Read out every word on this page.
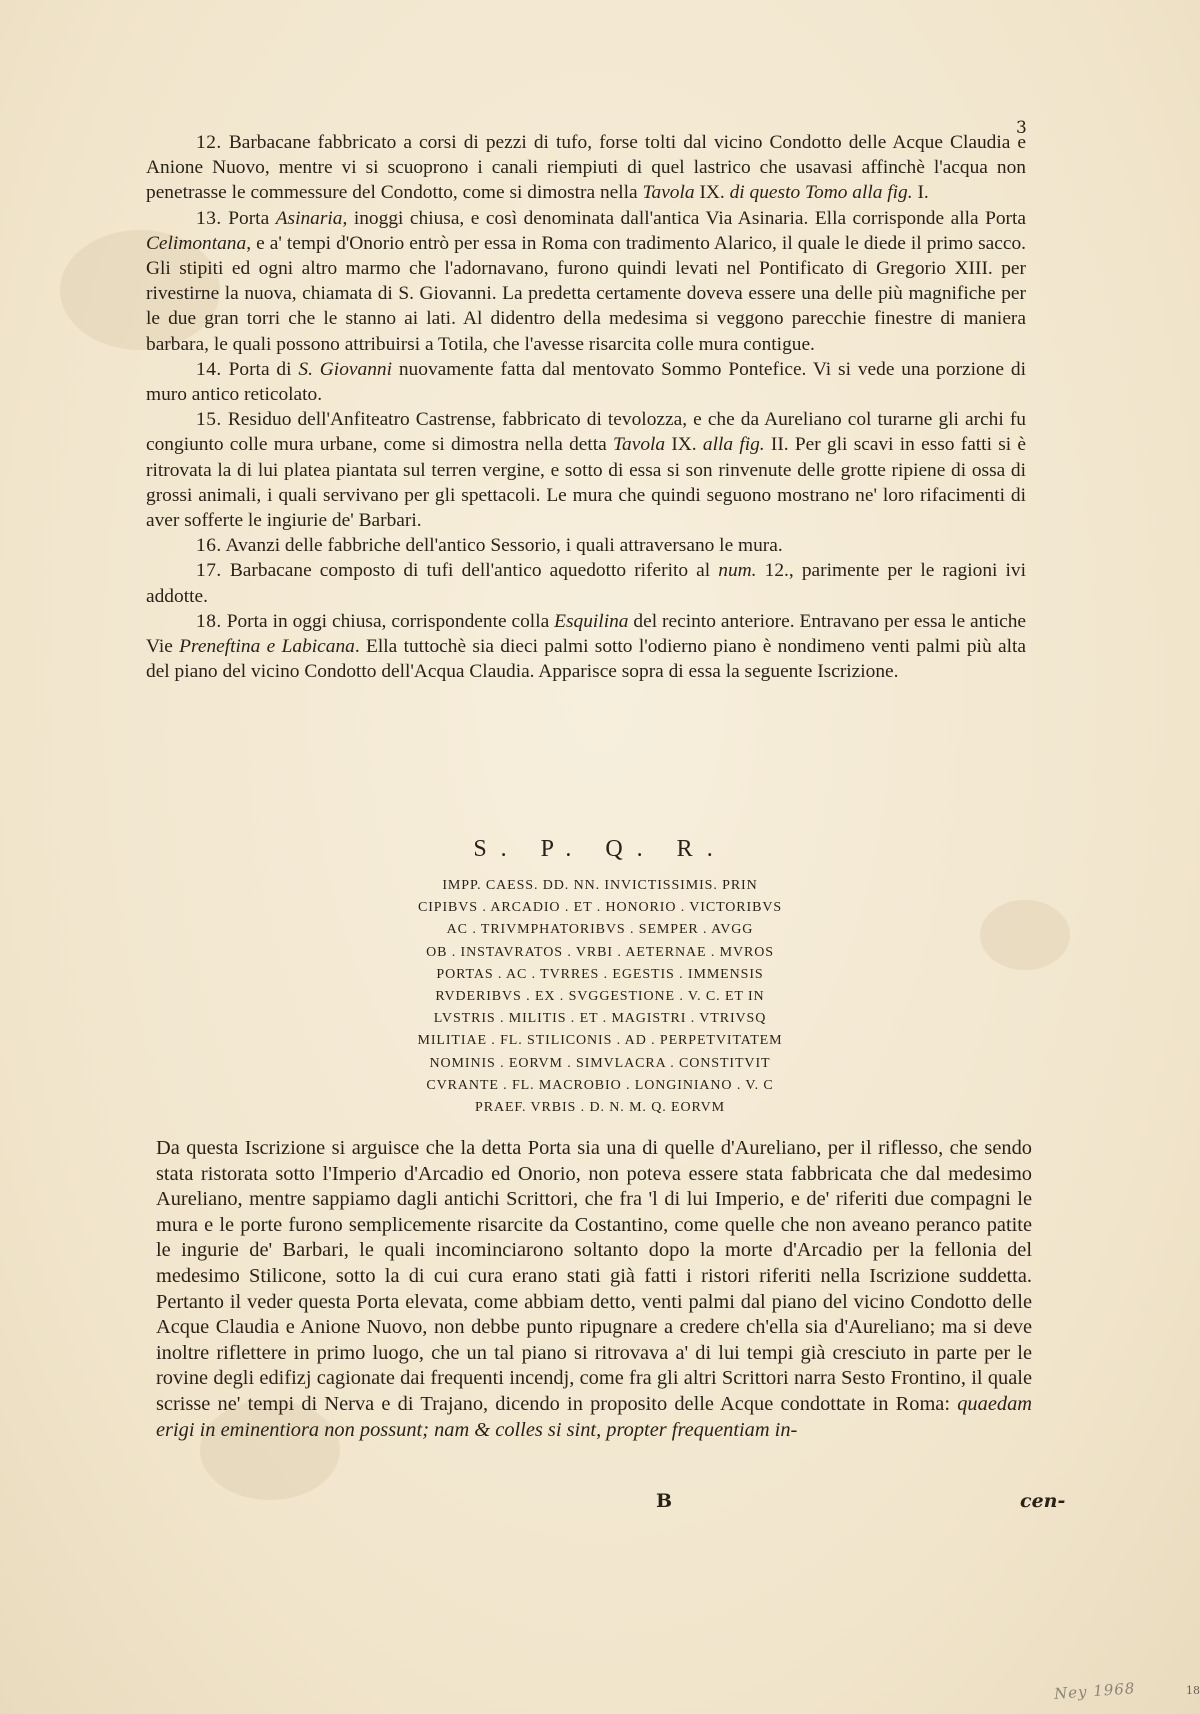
3

12. Barbacane fabbricato a corsi di pezzi di tufo, forse tolti dal vicino Condotto delle Acque Claudia e Anione Nuovo, mentre vi si scuoprono i canali riempiuti di quel lastrico che usavasi affinchè l'acqua non penetrasse le commessure del Condotto, come si dimostra nella Tavola IX. di questo Tomo alla fig. I.

13. Porta Asinaria, inoggi chiusa, e così denominata dall'antica Via Asinaria. Ella corrisponde alla Porta Celimontana, e a' tempi d'Onorio entrò per essa in Roma con tradimento Alarico, il quale le diede il primo sacco. Gli stipiti ed ogni altro marmo che l'adornavano, furono quindi levati nel Pontificato di Gregorio XIII. per rivestirne la nuova, chiamata di S. Giovanni. La predetta certamente doveva essere una delle più magnifiche per le due gran torri che le stanno ai lati. Al didentro della medesima si veggono parecchie finestre di maniera barbara, le quali possono attribuirsi a Totila, che l'avesse risarcita colle mura contigue.

14. Porta di S. Giovanni nuovamente fatta dal mentovato Sommo Pontefice. Vi si vede una porzione di muro antico reticolato.

15. Residuo dell'Anfiteatro Castrense, fabbricato di tevolozza, e che da Aureliano col turarne gli archi fu congiunto colle mura urbane, come si dimostra nella detta Tavola IX. alla fig. II. Per gli scavi in esso fatti si è ritrovata la di lui platea piantata sul terren vergine, e sotto di essa si son rinvenute delle grotte ripiene di ossa di grossi animali, i quali servivano per gli spettacoli. Le mura che quindi seguono mostrano ne' loro rifacimenti di aver sofferte le ingiurie de' Barbari.

16. Avanzi delle fabbriche dell'antico Sessorio, i quali attraversano le mura.

17. Barbacane composto di tufi dell'antico aquedotto riferito al num. 12., parimente per le ragioni ivi addotte.

18. Porta in oggi chiusa, corrispondente colla Esquilina del recinto anteriore. Entravano per essa le antiche Vie Preneftina e Labicana. Ella tuttochè sia dieci palmi sotto l'odierno piano è nondimeno venti palmi più alta del piano del vicino Condotto dell'Acqua Claudia. Apparisce sopra di essa la seguente Iscrizione.

S. P. Q. R.

IMPP. CAESS. DD. NN. INVICTISSIMIS. PRIN

CIPIBVS . ARCADIO . ET . HONORIO . VICTORIBVS

AC . TRIVMPHATORIBVS . SEMPER . AVGG

OB . INSTAVRATOS . VRBI . AETERNAE . MVROS

PORTAS . AC . TVRRES . EGESTIS . IMMENSIS

RVDERIBVS . EX . SVGGESTIONE . V. C. ET IN

LVSTRIS . MILITIS . ET . MAGISTRI . VTRIVSQ

MILITIAE . FL. STILICONIS . AD . PERPETVITATEM

NOMINIS . EORVM . SIMVLACRA . CONSTITVIT

CVRANTE . FL. MACROBIO . LONGINIANO . V. C

PRAEF. VRBIS . D. N. M. Q. EORVM

Da questa Iscrizione si arguisce che la detta Porta sia una di quelle d'Aureliano, per il riflesso, che sendo stata ristorata sotto l'Imperio d'Arcadio ed Onorio, non poteva essere stata fabbricata che dal medesimo Aureliano, mentre sappiamo dagli antichi Scrittori, che fra 'l di lui Imperio, e de' riferiti due compagni le mura e le porte furono semplicemente risarcite da Costantino, come quelle che non aveano peranco patite le ingurie de' Barbari, le quali incominciarono soltanto dopo la morte d'Arcadio per la fellonia del medesimo Stilicone, sotto la di cui cura erano stati già fatti i ristori riferiti nella Iscrizione suddetta. Pertanto il veder questa Porta elevata, come abbiam detto, venti palmi dal piano del vicino Condotto delle Acque Claudia e Anione Nuovo, non debbe punto ripugnare a credere ch'ella sia d'Aureliano; ma si deve inoltre riflettere in primo luogo, che un tal piano si ritrovava a' di lui tempi già cresciuto in parte per le rovine degli edifizj cagionate dai frequenti incendj, come fra gli altri Scrittori narra Sesto Frontino, il quale scrisse ne' tempi di Nerva e di Trajano, dicendo in proposito delle Acque condottate in Roma: quaedam erigi in eminentiora non possunt; nam & colles si sint, propter frequentiam in-
B	cen-
Ney 1968	18
